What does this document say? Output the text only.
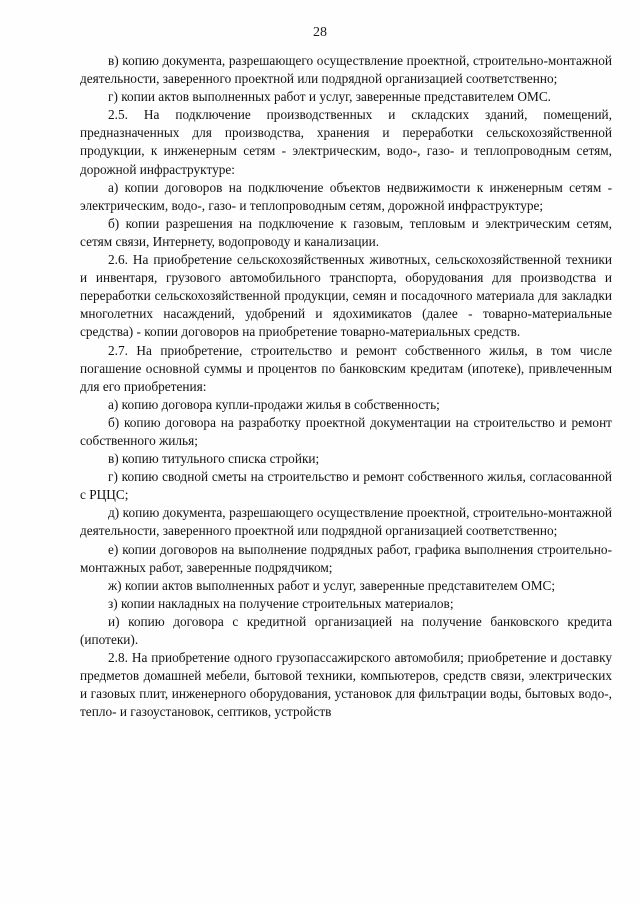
28

в) копию документа, разрешающего осуществление проектной, строительно-монтажной деятельности, заверенного проектной или подрядной организацией соответственно;

г) копии актов выполненных работ и услуг, заверенные представителем ОМС.

2.5. На подключение производственных и складских зданий, помещений, предназначенных для производства, хранения и переработки сельскохозяйственной продукции, к инженерным сетям - электрическим, водо-, газо- и теплопроводным сетям, дорожной инфраструктуре:

а) копии договоров на подключение объектов недвижимости к инженерным сетям - электрическим, водо-, газо- и теплопроводным сетям, дорожной инфраструктуре;

б) копии разрешения на подключение к газовым, тепловым и электрическим сетям, сетям связи, Интернету, водопроводу и канализации.

2.6. На приобретение сельскохозяйственных животных, сельскохозяйственной техники и инвентаря, грузового автомобильного транспорта, оборудования для производства и переработки сельскохозяйственной продукции, семян и посадочного материала для закладки многолетних насаждений, удобрений и ядохимикатов (далее - товарно-материальные средства) - копии договоров на приобретение товарно-материальных средств.

2.7. На приобретение, строительство и ремонт собственного жилья, в том числе погашение основной суммы и процентов по банковским кредитам (ипотеке), привлеченным для его приобретения:

а) копию договора купли-продажи жилья в собственность;

б) копию договора на разработку проектной документации на строительство и ремонт собственного жилья;

в) копию титульного списка стройки;

г) копию сводной сметы на строительство и ремонт собственного жилья, согласованной с РЦЦС;

д) копию документа, разрешающего осуществление проектной, строительно-монтажной деятельности, заверенного проектной или подрядной организацией соответственно;

е) копии договоров на выполнение подрядных работ, графика выполнения строительно-монтажных работ, заверенные подрядчиком;

ж) копии актов выполненных работ и услуг, заверенные представителем ОМС;

з) копии накладных на получение строительных материалов;

и) копию договора с кредитной организацией на получение банковского кредита (ипотеки).

2.8. На приобретение одного грузопассажирского автомобиля; приобретение и доставку предметов домашней мебели, бытовой техники, компьютеров, средств связи, электрических и газовых плит, инженерного оборудования, установок для фильтрации воды, бытовых водо-, тепло- и газоустановок, септиков, устройств
